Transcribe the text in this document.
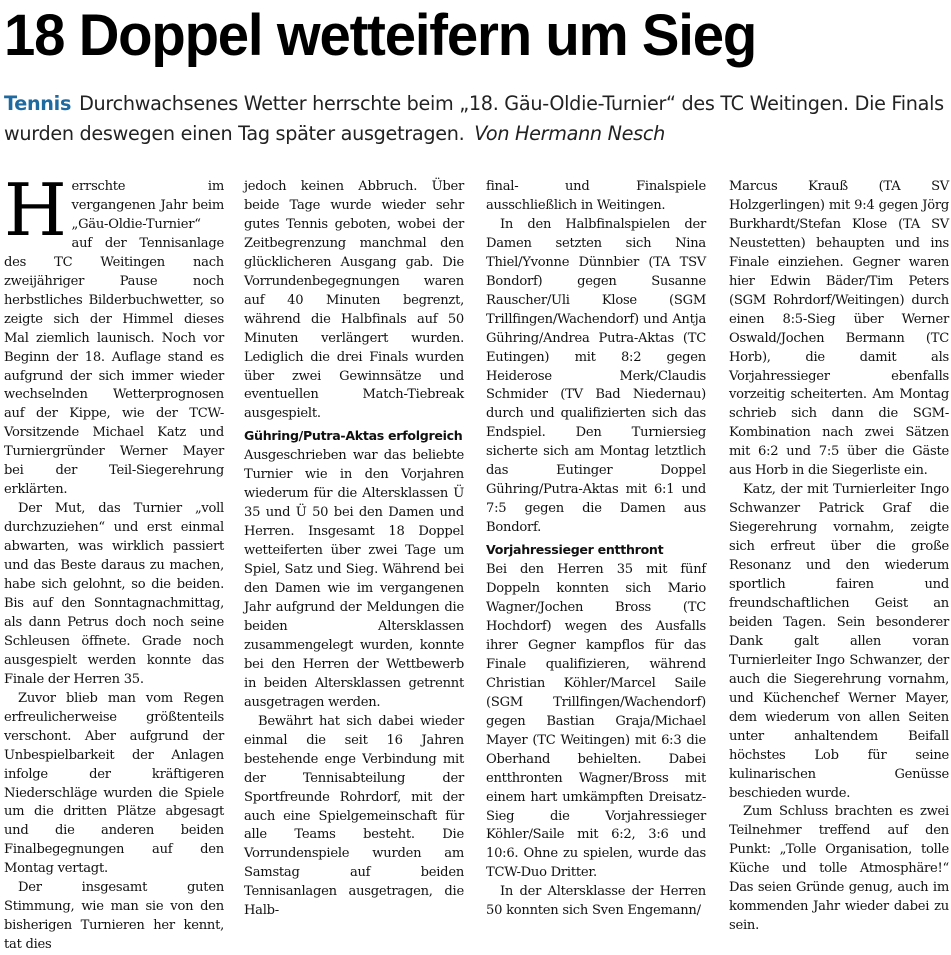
18 Doppel wetteifern um Sieg
Tennis Durchwachsenes Wetter herrschte beim „18. Gäu-Oldie-Turnier“ des TC Weitingen. Die Finals wurden deswegen einen Tag später ausgetragen. Von Hermann Nesch
H errschte im vergangenen Jahr beim „Gäu-Oldie-Turnier“ auf der Tennisanlage des TC Weitingen nach zweijähriger Pause noch herbstliches Bilderbuchwetter, so zeigte sich der Himmel dieses Mal ziemlich launisch. Noch vor Beginn der 18. Auflage stand es aufgrund der sich immer wieder wechselnden Wetterprognosen auf der Kippe, wie der TCW-Vorsitzende Michael Katz und Turniergründer Werner Mayer bei der Teil-Siegerehrung erklärten.

Der Mut, das Turnier „voll durchzuziehen“ und erst einmal abwarten, was wirklich passiert und das Beste daraus zu machen, habe sich gelohnt, so die beiden. Bis auf den Sonntagnachmittag, als dann Petrus doch noch seine Schleusen öffnete. Grade noch ausgespielt werden konnte das Finale der Herren 35.

Zuvor blieb man vom Regen erfreulicherweise größtenteils verschont. Aber aufgrund der Unbespielbarkeit der Anlagen infolge der kräftigeren Niederschläge wurden die Spiele um die dritten Plätze abgesagt und die anderen beiden Finalbegegnungen auf den Montag vertagt.

Der insgesamt guten Stimmung, wie man sie von den bisherigen Turnieren her kennt, tat dies

jedoch keinen Abbruch. Über beide Tage wurde wieder sehr gutes Tennis geboten, wobei der Zeitbegrenzung manchmal den glücklicheren Ausgang gab. Die Vorrundenbegegnungen waren auf 40 Minuten begrenzt, während die Halbfinals auf 50 Minuten verlängert wurden. Lediglich die drei Finals wurden über zwei Gewinnsätze und eventuellen Match-Tiebreak ausgespielt.

Gühring/Putra-Aktas erfolgreich

Ausgeschrieben war das beliebte Turnier wie in den Vorjahren wiederum für die Altersklassen Ü 35 und Ü 50 bei den Damen und Herren. Insgesamt 18 Doppel wetteiferten über zwei Tage um Spiel, Satz und Sieg. Während bei den Damen wie im vergangenen Jahr aufgrund der Meldungen die beiden Altersklassen zusammengelegt wurden, konnte bei den Herren der Wettbewerb in beiden Altersklassen getrennt ausgetragen werden.

Bewährt hat sich dabei wieder einmal die seit 16 Jahren bestehende enge Verbindung mit der Tennisabteilung der Sportfreunde Rohrdorf, mit der auch eine Spielgemeinschaft für alle Teams besteht. Die Vorrundenspiele wurden am Samstag auf beiden Tennisanlagen ausgetragen, die Halb-

final- und Finalspiele ausschließlich in Weitingen.

In den Halbfinalspielen der Damen setzten sich Nina Thiel/Yvonne Dünnbier (TA TSV Bondorf) gegen Susanne Rauscher/Uli Klose (SGM Trillfingen/Wachendorf) und Antja Gühring/Andrea Putra-Aktas (TC Eutingen) mit 8:2 gegen Heiderose Merk/Claudis Schmider (TV Bad Niedernau) durch und qualifizierten sich das Endspiel. Den Turniersieg sicherte sich am Montag letztlich das Eutinger Doppel Gühring/Putra-Aktas mit 6:1 und 7:5 gegen die Damen aus Bondorf.

Vorjahressieger entthront

Bei den Herren 35 mit fünf Doppeln konnten sich Mario Wagner/Jochen Bross (TC Hochdorf) wegen des Ausfalls ihrer Gegner kampflos für das Finale qualifizieren, während Christian Köhler/Marcel Saile (SGM Trillfingen/Wachendorf) gegen Bastian Graja/Michael Mayer (TC Weitingen) mit 6:3 die Oberhand behielten. Dabei entthronten Wagner/Bross mit einem hart umkämpften Dreisatz-Sieg die Vorjahressieger Köhler/Saile mit 6:2, 3:6 und 10:6. Ohne zu spielen, wurde das TCW-Duo Dritter.

In der Altersklasse der Herren 50 konnten sich Sven Engemann/

Marcus Krauß (TA SV Holzgerlingen) mit 9:4 gegen Jörg Burkhardt/Stefan Klose (TA SV Neustetten) behaupten und ins Finale einziehen. Gegner waren hier Edwin Bäder/Tim Peters (SGM Rohrdorf/Weitingen) durch einen 8:5-Sieg über Werner Oswald/Jochen Bermann (TC Horb), die damit als Vorjahressieger ebenfalls vorzeitig scheiterten. Am Montag schrieb sich dann die SGM-Kombination nach zwei Sätzen mit 6:2 und 7:5 über die Gäste aus Horb in die Siegerliste ein.

Katz, der mit Turnierleiter Ingo Schwanzer Patrick Graf die Siegerehrung vornahm, zeigte sich erfreut über die große Resonanz und den wiederum sportlich fairen und freundschaftlichen Geist an beiden Tagen. Sein besonderer Dank galt allen voran Turnierleiter Ingo Schwanzer, der auch die Siegerehrung vornahm, und Küchenchef Werner Mayer, dem wiederum von allen Seiten unter anhaltendem Beifall höchstes Lob für seine kulinarischen Genüsse beschieden wurde.

Zum Schluss brachten es zwei Teilnehmer treffend auf den Punkt: „Tolle Organisation, tolle Küche und tolle Atmosphäre!“ Das seien Gründe genug, auch im kommenden Jahr wieder dabei zu sein.
